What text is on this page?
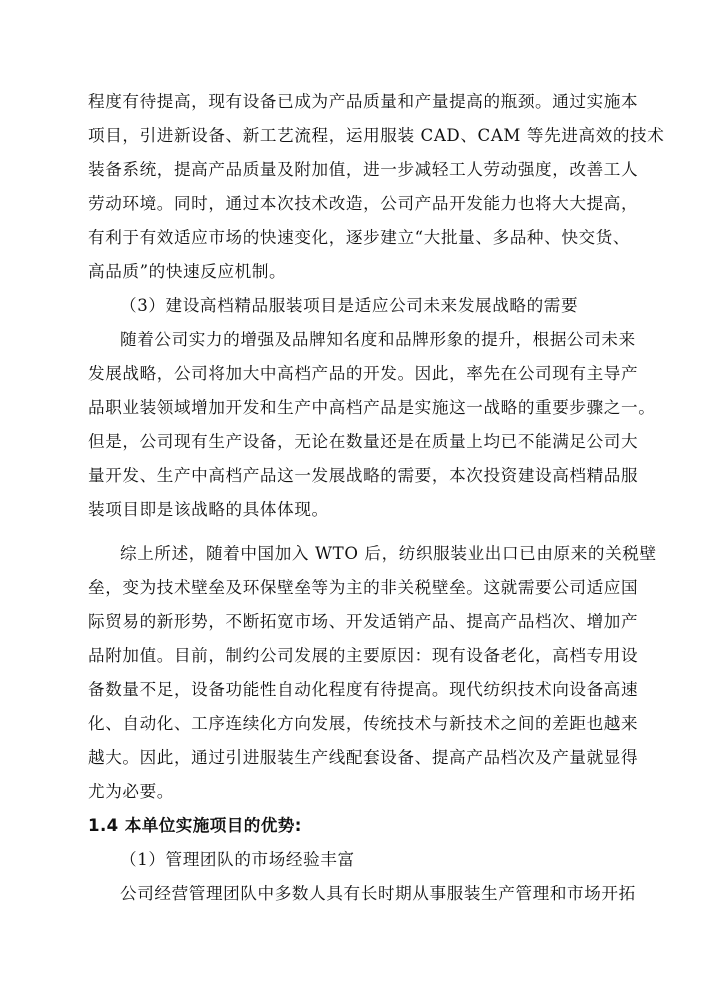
程度有待提高，现有设备已成为产品质量和产量提高的瓶颈。通过实施本
项目，引进新设备、新工艺流程，运用服装 CAD、CAM 等先进高效的技术
装备系统，提高产品质量及附加值，进一步减轻工人劳动强度，改善工人
劳动环境。同时，通过本次技术改造，公司产品开发能力也将大大提高，
有利于有效适应市场的快速变化，逐步建立“大批量、多品种、快交货、
高品质”的快速反应机制。
（3）建设高档精品服装项目是适应公司未来发展战略的需要
随着公司实力的增强及品牌知名度和品牌形象的提升，根据公司未来
发展战略，公司将加大中高档产品的开发。因此，率先在公司现有主导产
品职业装领域增加开发和生产中高档产品是实施这一战略的重要步骤之一。
但是，公司现有生产设备，无论在数量还是在质量上均已不能满足公司大
量开发、生产中高档产品这一发展战略的需要，本次投资建设高档精品服
装项目即是该战略的具体体现。
综上所述，随着中国加入 WTO 后，纺织服装业出口已由原来的关税壁
垒，变为技术壁垒及环保壁垒等为主的非关税壁垒。这就需要公司适应国
际贸易的新形势，不断拓宽市场、开发适销产品、提高产品档次、增加产
品附加值。目前，制约公司发展的主要原因：现有设备老化，高档专用设
备数量不足，设备功能性自动化程度有待提高。现代纺织技术向设备高速
化、自动化、工序连续化方向发展，传统技术与新技术之间的差距也越来
越大。因此，通过引进服装生产线配套设备、提高产品档次及产量就显得
尤为必要。
1.4 本单位实施项目的优势:
（1）管理团队的市场经验丰富
公司经营管理团队中多数人具有长时期从事服装生产管理和市场开拓
